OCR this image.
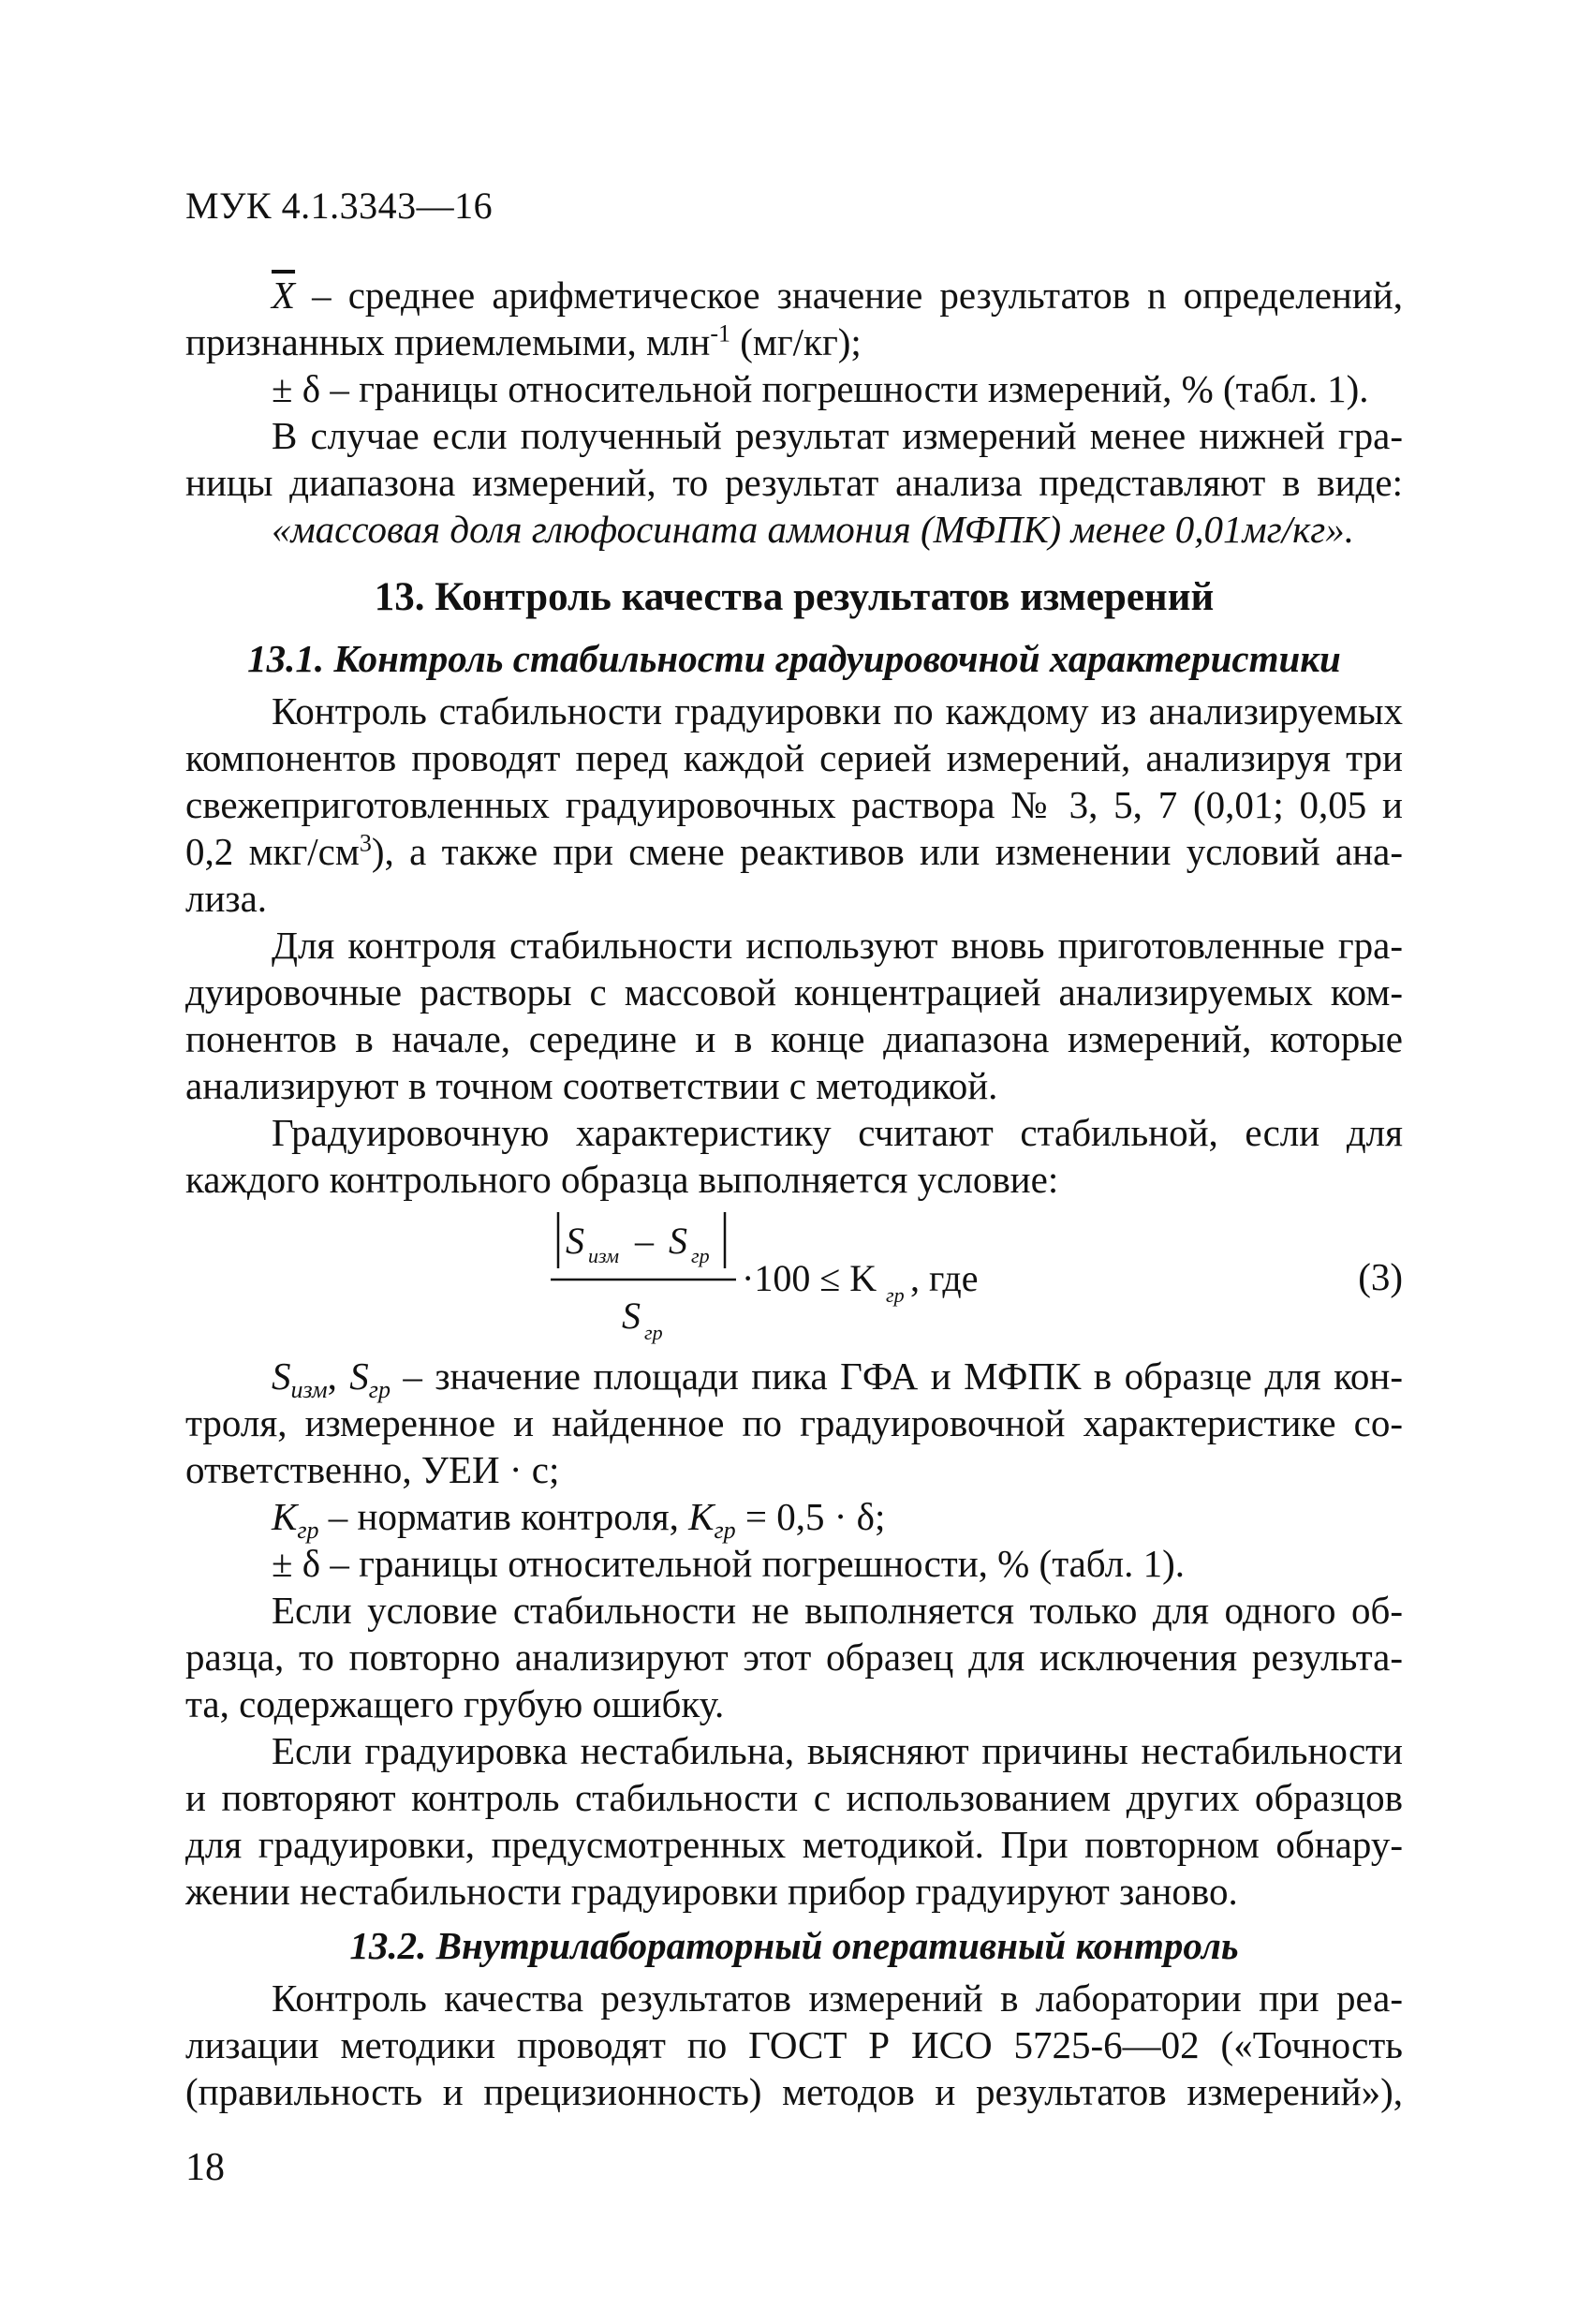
МУК 4.1.3343—16
$\overline{X}$ – среднее арифметическое значение результатов n определений,
признанных приемлемыми, млн$^{-1}$ (мг/кг);
± δ – границы относительной погрешности измерений, % (табл. 1).
В случае если полученный результат измерений менее нижней гра-
ницы диапазона измерений, то результат анализа представляют в виде:
«массовая доля глюфосината аммония (МФПК) менее 0,01мг/кг».
13. Контроль качества результатов измерений
13.1. Контроль стабильности градуировочной характеристики
Контроль стабильности градуировки по каждому из анализируемых
компонентов проводят перед каждой серией измерений, анализируя три
свежеприготовленных градуировочных раствора № 3, 5, 7 (0,01; 0,05 и
0,2 мкг/$см^3$), а также при смене реактивов или изменении условий ана-
лиза.
Для контроля стабильности используют вновь приготовленные гра-
дуировочные растворы с массовой концентрацией анализируемых ком-
понентов в начале, середине и в конце диапазона измерений, которые
анализируют в точном соответствии с методикой.
Градуировочную характеристику считают стабильной, если для
каждого контрольного образца выполняется условие:
S изм – S гр
S гр
·100 ≤ K гр , где	(3)
$S_{изм}$, $S_{гр}$ – значение площади пика ГФА и МФПК в образце для кон-
троля, измеренное и найденное по градуировочной характеристике со-
ответственно, УЕИ · с;
$K_{гр}$ – норматив контроля, $K_{гр} = 0,5 \cdot \delta$;
± δ – границы относительной погрешности, % (табл. 1).
Если условие стабильности не выполняется только для одного об-
разца, то повторно анализируют этот образец для исключения результа-
та, содержащего грубую ошибку.
Если градуировка нестабильна, выясняют причины нестабильности
и повторяют контроль стабильности с использованием других образцов
для градуировки, предусмотренных методикой. При повторном обнару-
жении нестабильности градуировки прибор градуируют заново.
13.2. Внутрилабораторный оперативный контроль
Контроль качества результатов измерений в лаборатории при реа-
лизации методики проводят по ГОСТ Р ИСО 5725-6—02 («Точность
(правильность и прецизионность) методов и результатов измерений»),
18
